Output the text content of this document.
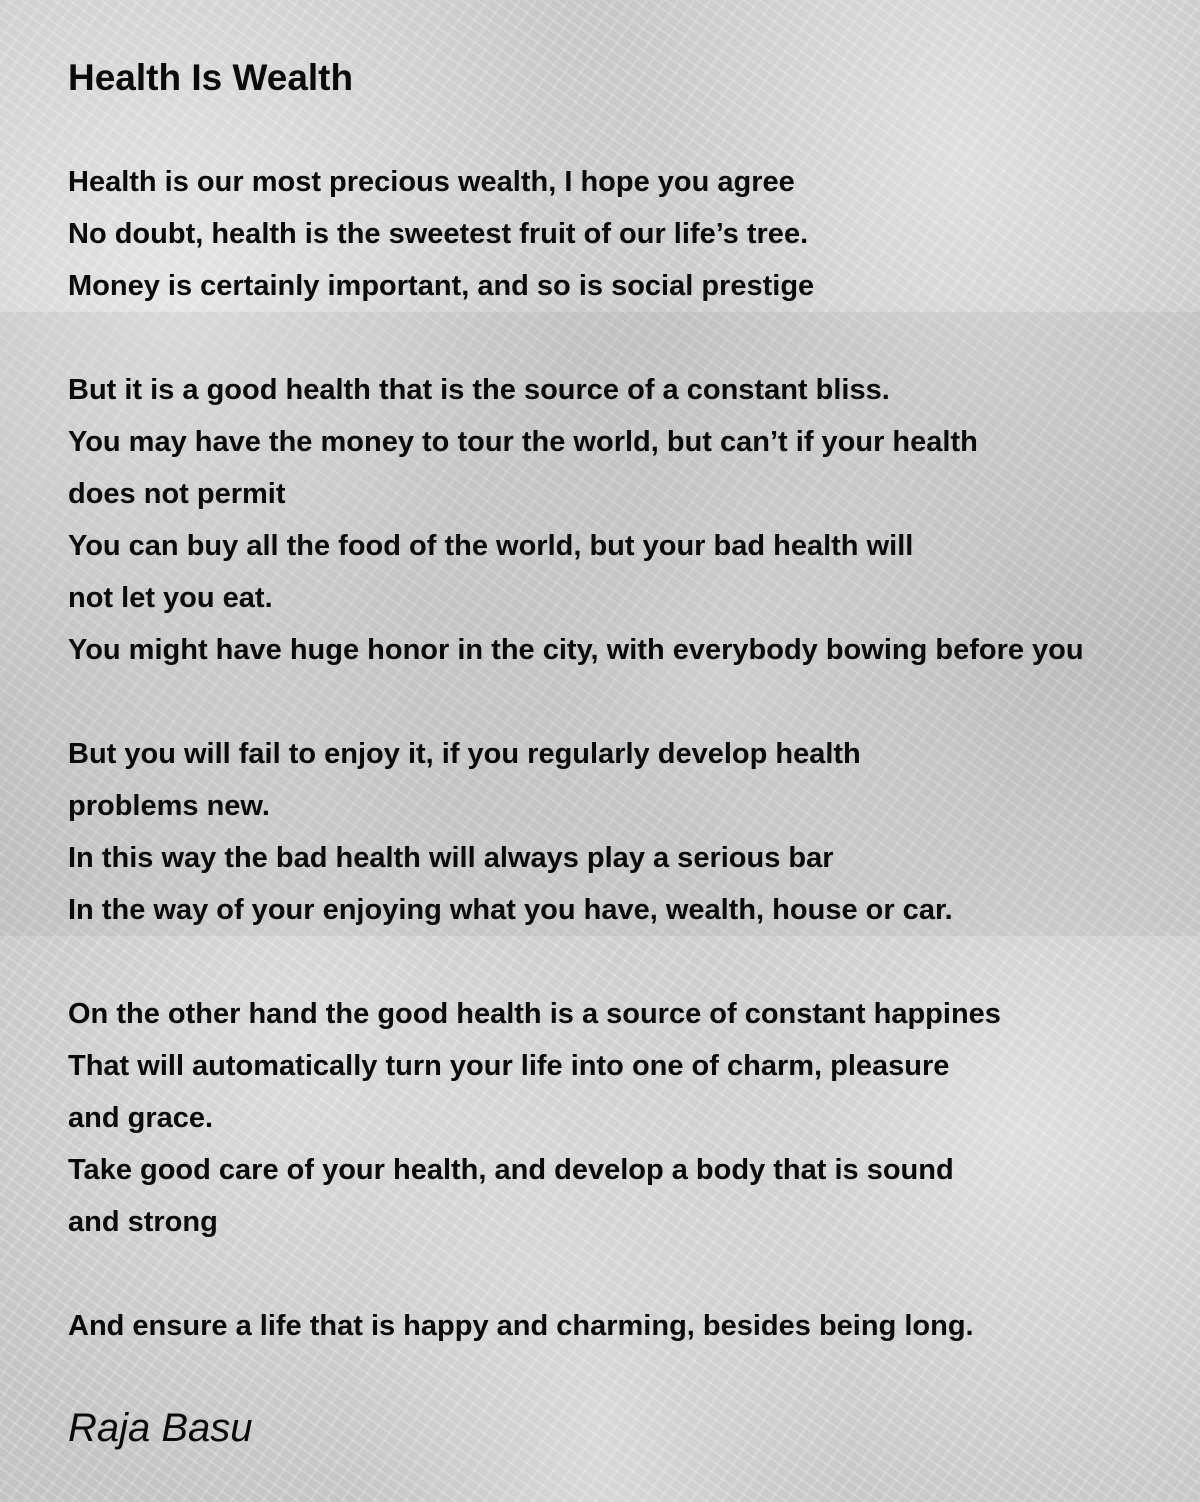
Health Is Wealth
Health is our most precious wealth, I hope you agree
No doubt, health is the sweetest fruit of our life’s tree.
Money is certainly important, and so is social prestige
But it is a good health that is the source of a constant bliss.
You may have the money to tour the world, but can’t if your health
does not permit
You can buy all the food of the world, but your bad health will
not let you eat.
You might have huge honor in the city, with everybody bowing before you
But you will fail to enjoy it, if you regularly develop health
problems new.
In this way the bad health will always play a serious bar
In the way of your enjoying what you have, wealth, house or car.
On the other hand the good health is a source of constant happines
That will automatically turn your life into one of charm, pleasure
and grace.
Take good care of your health, and develop a body that is sound
and strong
And ensure a life that is happy and charming, besides being long.
Raja Basu
